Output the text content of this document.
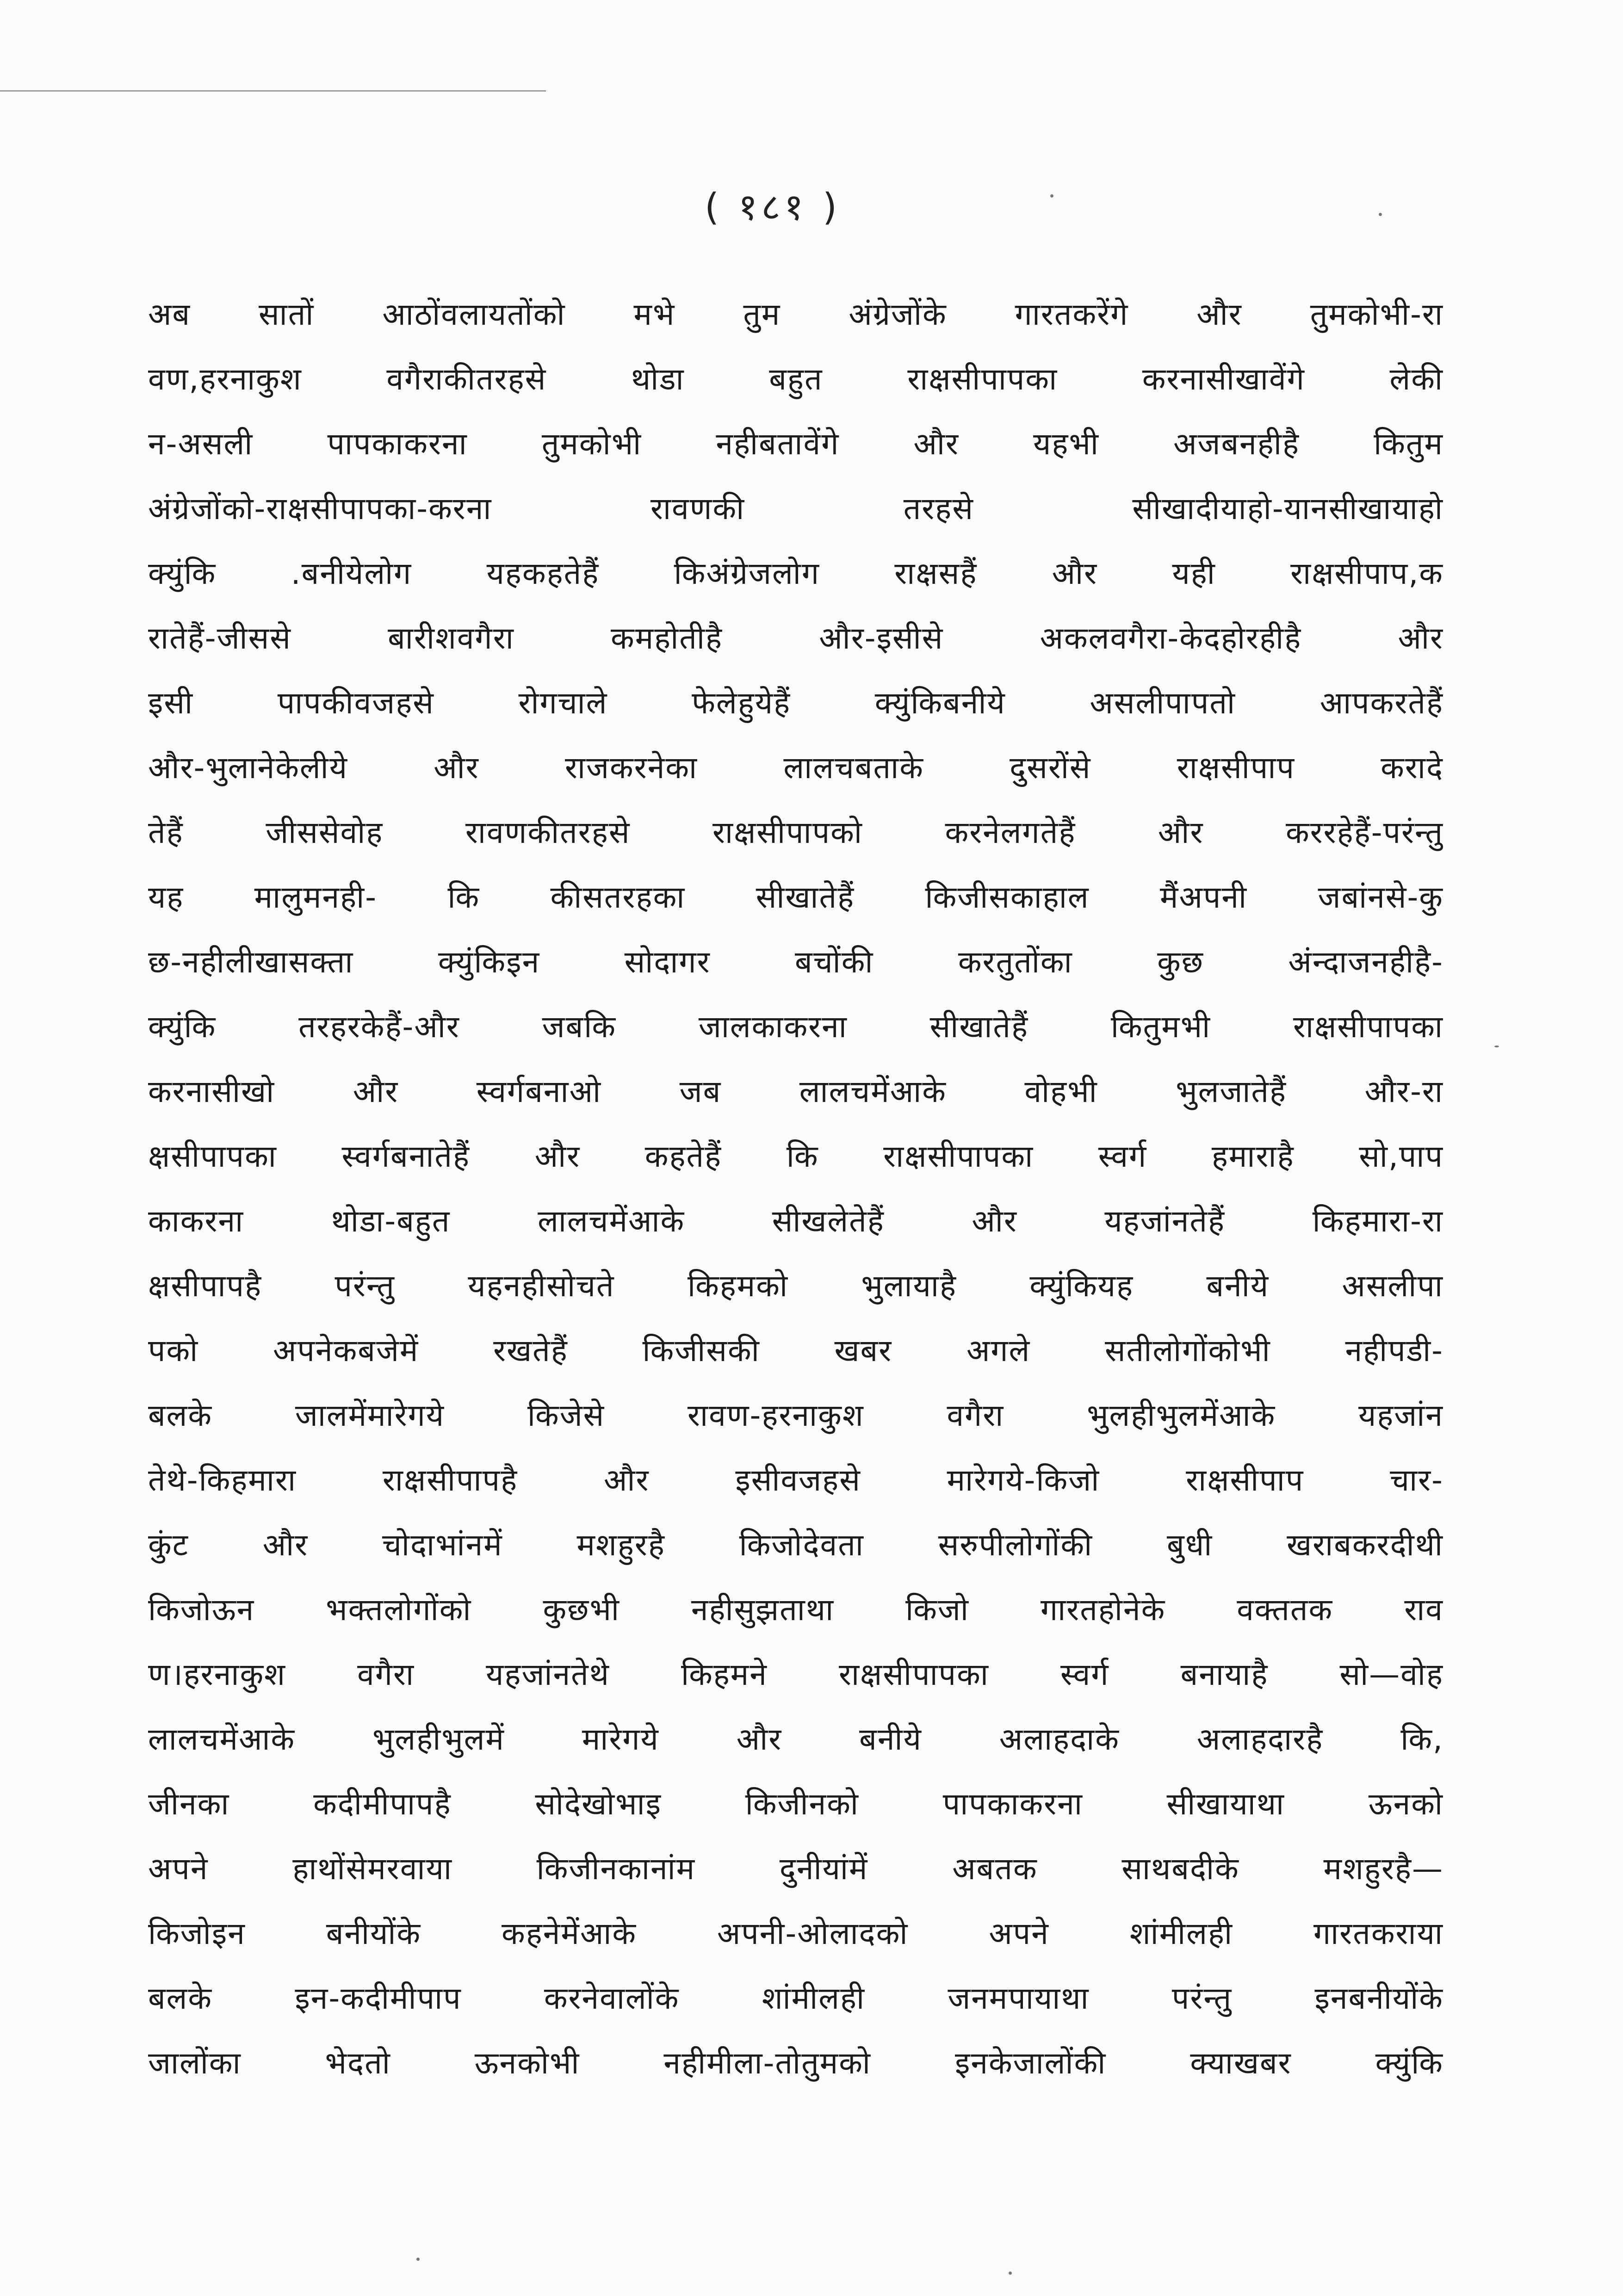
( १८१ )
अब सातों आठोंवलायतोंको मभे तुम अंग्रेजोंके गारतकरेंगे और तुमकोभी-रा
वण,हरनाकुश वगैराकीतरहसे थोडा बहुत राक्षसीपापका करनासीखावेंगे लेकी
न-असली पापकाकरना तुमकोभी नहीबतावेंगे और यहभी अजबनहीहै कितुम
अंग्रेजोंको-राक्षसीपापका-करना रावणकी तरहसे सीखादीयाहो-यानसीखायाहो
क्युंकि .बनीयेलोग यहकहतेहैं किअंग्रेजलोग राक्षसहैं और यही राक्षसीपाप,क
रातेहैं-जीससे बारीशवगैरा कमहोतीहै और-इसीसे अकलवगैरा-केदहोरहीहै और
इसी पापकीवजहसे रोगचाले फेलेहुयेहैं क्युंकिबनीये असलीपापतो आपकरतेहैं
और-भुलानेकेलीये और राजकरनेका लालचबताके दुसरोंसे राक्षसीपाप करादे
तेहैं जीससेवोह रावणकीतरहसे राक्षसीपापको करनेलगतेहैं और कररहेहैं-परंन्तु
यह मालुमनही- कि कीसतरहका सीखातेहैं किजीसकाहाल मैंअपनी जबांनसे-कु
छ-नहीलीखासक्ता क्युंकिइन सोदागर बचोंकी करतुतोंका कुछ अंन्दाजनहीहै-
क्युंकि तरहरकेहैं-और जबकि जालकाकरना सीखातेहैं कितुमभी राक्षसीपापका
करनासीखो और स्वर्गबनाओ जब लालचमेंआके वोहभी भुलजातेहैं और-रा
क्षसीपापका स्वर्गबनातेहैं और कहतेहैं कि राक्षसीपापका स्वर्ग हमाराहै सो,पाप
काकरना थोडा-बहुत लालचमेंआके सीखलेतेहैं और यहजांनतेहैं किहमारा-रा
क्षसीपापहै परंन्तु यहनहीसोचते किहमको भुलायाहै क्युंकियह बनीये असलीपा
पको अपनेकबजेमें रखतेहैं किजीसकी खबर अगले सतीलोगोंकोभी नहीपडी-
बलके जालमेंमारेगये किजेसे रावण-हरनाकुश वगैरा भुलहीभुलमेंआके यहजांन
तेथे-किहमारा राक्षसीपापहै और इसीवजहसे मारेगये-किजो राक्षसीपाप चार-
कुंट और चोदाभांनमें मशहुरहै किजोदेवता सरुपीलोगोंकी बुधी खराबकरदीथी
किजोऊन भक्तलोगोंको कुछभी नहीसुझताथा किजो गारतहोनेके वक्ततक राव
ण।हरनाकुश वगैरा यहजांनतेथे किहमने राक्षसीपापका स्वर्ग बनायाहै सो—वोह
लालचमेंआके भुलहीभुलमें मारेगये और बनीये अलाहदाके अलाहदारहै कि,
जीनका कदीमीपापहै सोदेखोभाइ किजीनको पापकाकरना सीखायाथा ऊनको
अपने हाथोंसेमरवाया किजीनकानांम दुनीयांमें अबतक साथबदीके मशहुरहै—
किजोइन बनीयोंके कहनेमेंआके अपनी-ओलादको अपने शांमीलही गारतकराया
बलके इन-कदीमीपाप करनेवालोंके शांमीलही जनमपायाथा परंन्तु इनबनीयोंके
जालोंका भेदतो ऊनकोभी नहीमीला-तोतुमको इनकेजालोंकी क्याखबर क्युंकि
